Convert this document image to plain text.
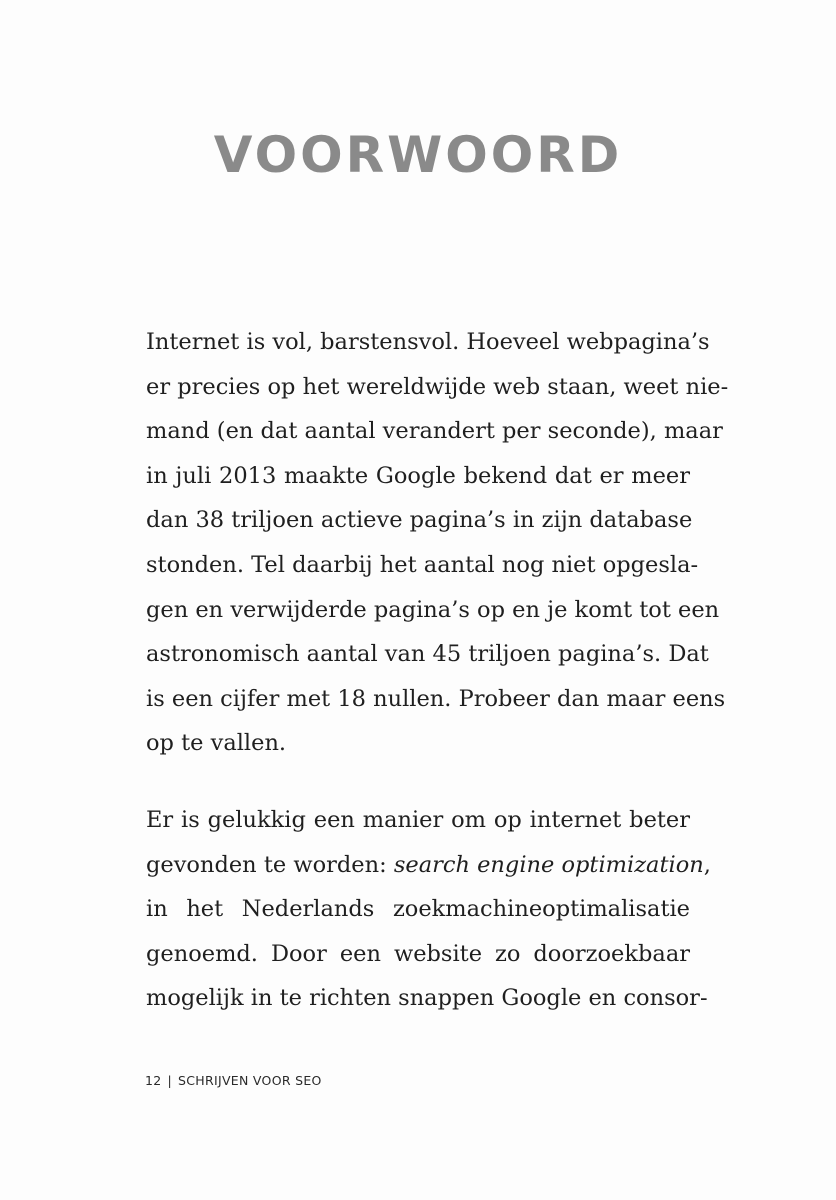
VOORWOORD
Internet is vol, barstensvol. Hoeveel webpagina’s
er precies op het wereldwijde web staan, weet nie-
mand (en dat aantal verandert per seconde), maar
in juli 2013 maakte Google bekend dat er meer
dan 38 triljoen actieve pagina’s in zijn database
stonden. Tel daarbij het aantal nog niet opgesla-
gen en verwijderde pagina’s op en je komt tot een
astronomisch aantal van 45 triljoen pagina’s. Dat
is een cijfer met 18 nullen. Probeer dan maar eens
op te vallen.
Er is gelukkig een manier om op internet beter
gevonden te worden: search engine optimization,
in het Nederlands zoekmachineoptimalisatie
genoemd. Door een website zo doorzoekbaar
mogelijk in te richten snappen Google en consor-
12 | SCHRIJVEN VOOR SEO
